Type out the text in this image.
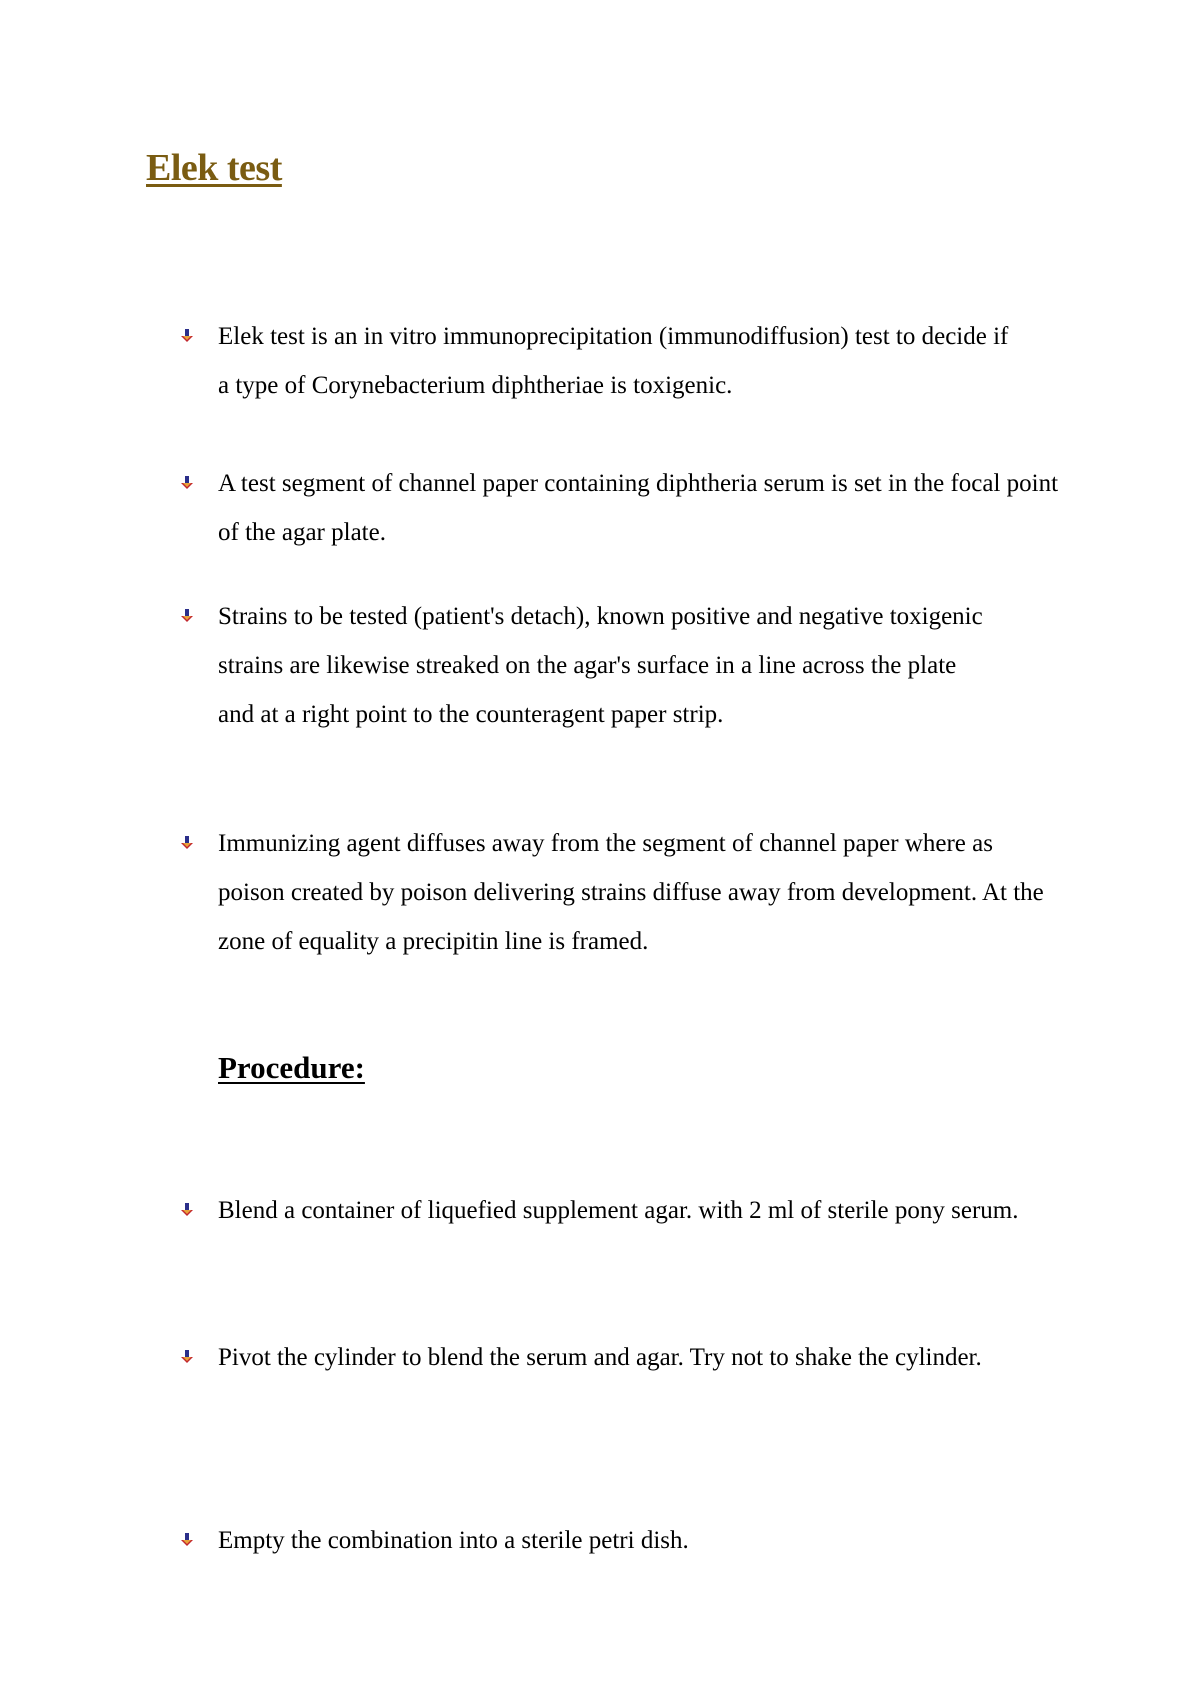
Elek test
Elek test is an in vitro immunoprecipitation (immunodiffusion) test to decide if a type of Corynebacterium diphtheriae is toxigenic.
A test segment of channel paper containing diphtheria serum is set in the focal point of the agar plate.
Strains to be tested (patient's detach), known positive and negative toxigenic strains are likewise streaked on the agar's surface in a line across the plate and at a right point to the counteragent paper strip.
Immunizing agent diffuses away from the segment of channel paper where as poison created by poison delivering strains diffuse away from development. At the zone of equality a precipitin line is framed.
Procedure:
Blend a container of liquefied supplement agar. with 2 ml of sterile pony serum.
Pivot the cylinder to blend the serum and agar. Try not to shake the cylinder.
Empty the combination into a sterile petri dish.
